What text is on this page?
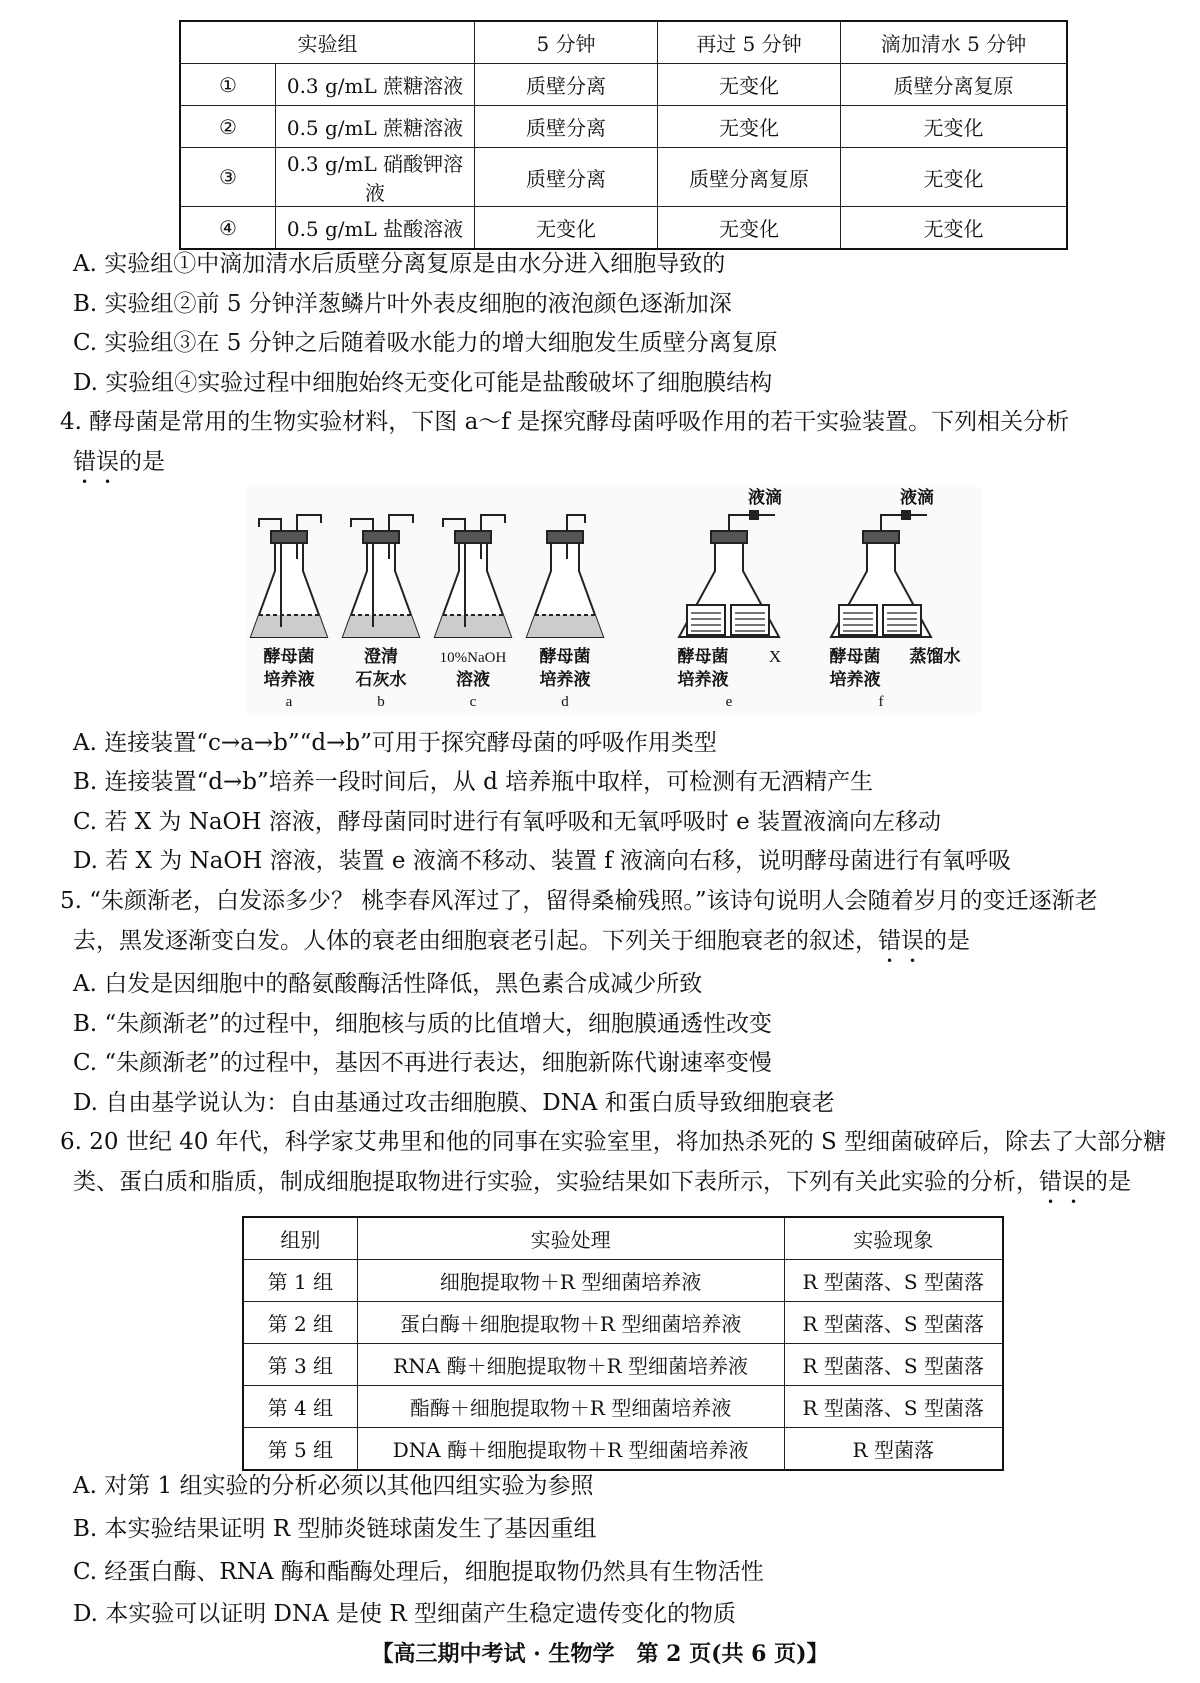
实验组		5 分钟	再过 5 分钟	滴加清水 5 分钟
①	0.3 g/mL 蔗糖溶液	质壁分离	无变化	质壁分离复原
②	0.5 g/mL 蔗糖溶液	质壁分离	无变化	无变化
③	0.3 g/mL 硝酸钾溶液	质壁分离	质壁分离复原	无变化
④	0.5 g/mL 盐酸溶液	无变化	无变化	无变化
A. 实验组①中滴加清水后质壁分离复原是由水分进入细胞导致的
B. 实验组②前 5 分钟洋葱鳞片叶外表皮细胞的液泡颜色逐渐加深
C. 实验组③在 5 分钟之后随着吸水能力的增大细胞发生质壁分离复原
D. 实验组④实验过程中细胞始终无变化可能是盐酸破坏了细胞膜结构
4. 酵母菌是常用的生物实验材料，下图 a～f 是探究酵母菌呼吸作用的若干实验装置。下列相关分析
错误的是
酵母菌
培养液
澄清
石灰水
10%NaOH
溶液
酵母菌
培养液
液滴
酵母菌
培养液
X
液滴
酵母菌
培养液
蒸馏水
a	b	c	d	e	f
A. 连接装置“c→a→b”“d→b”可用于探究酵母菌的呼吸作用类型
B. 连接装置“d→b”培养一段时间后，从 d 培养瓶中取样，可检测有无酒精产生
C. 若 X 为 NaOH 溶液，酵母菌同时进行有氧呼吸和无氧呼吸时 e 装置液滴向左移动
D. 若 X 为 NaOH 溶液，装置 e 液滴不移动、装置 f 液滴向右移，说明酵母菌进行有氧呼吸
5. “朱颜渐老，白发添多少？ 桃李春风浑过了，留得桑榆残照。”该诗句说明人会随着岁月的变迁逐渐老
去，黑发逐渐变白发。人体的衰老由细胞衰老引起。下列关于细胞衰老的叙述，错误的是
A. 白发是因细胞中的酪氨酸酶活性降低，黑色素合成减少所致
B. “朱颜渐老”的过程中，细胞核与质的比值增大，细胞膜通透性改变
C. “朱颜渐老”的过程中，基因不再进行表达，细胞新陈代谢速率变慢
D. 自由基学说认为：自由基通过攻击细胞膜、DNA 和蛋白质导致细胞衰老
6. 20 世纪 40 年代，科学家艾弗里和他的同事在实验室里，将加热杀死的 S 型细菌破碎后，除去了大部分糖
类、蛋白质和脂质，制成细胞提取物进行实验，实验结果如下表所示，下列有关此实验的分析，错误的是
组别	实验处理	实验现象
第 1 组	细胞提取物＋R 型细菌培养液	R 型菌落、S 型菌落
第 2 组	蛋白酶＋细胞提取物＋R 型细菌培养液	R 型菌落、S 型菌落
第 3 组	RNA 酶＋细胞提取物＋R 型细菌培养液	R 型菌落、S 型菌落
第 4 组	酯酶＋细胞提取物＋R 型细菌培养液	R 型菌落、S 型菌落
第 5 组	DNA 酶＋细胞提取物＋R 型细菌培养液	R 型菌落
A. 对第 1 组实验的分析必须以其他四组实验为参照
B. 本实验结果证明 R 型肺炎链球菌发生了基因重组
C. 经蛋白酶、RNA 酶和酯酶处理后，细胞提取物仍然具有生物活性
D. 本实验可以证明 DNA 是使 R 型细菌产生稳定遗传变化的物质
【高三期中考试 · 生物学　第 2 页(共 6 页)】
